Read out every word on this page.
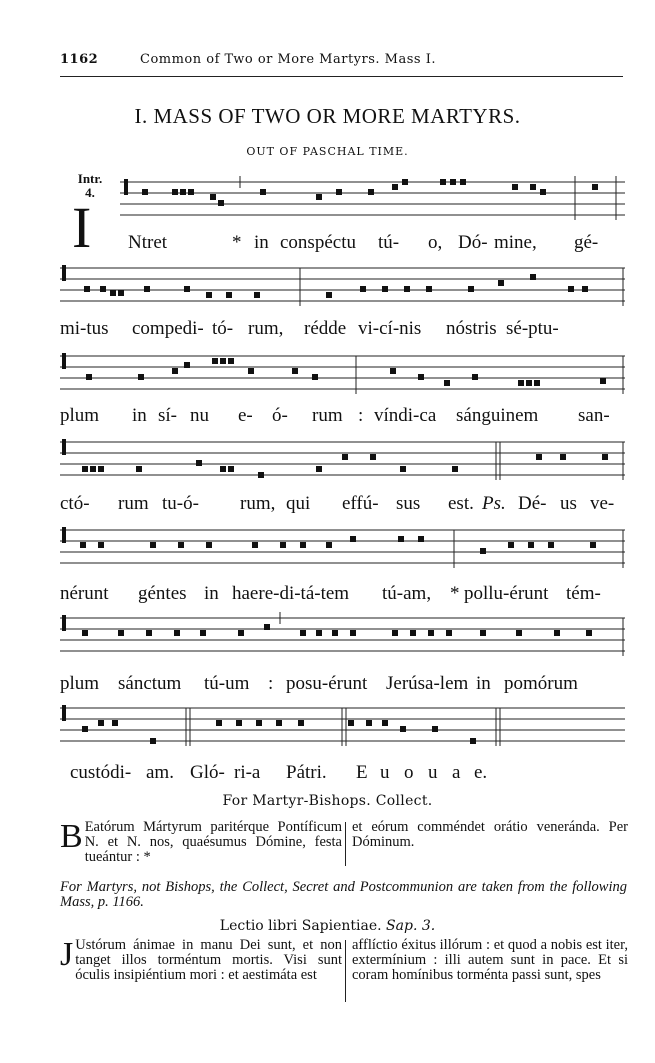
1162	Common of Two or More Martyrs. Mass I.
I. MASS OF TWO OR MORE MARTYRS.
OUT OF PASCHAL TIME.
Intr.
4.
I Ntret	* in conspéctu tú- o, Dó- mine, gé-
mi-tus compedi- tó- rum, rédde vi-cí-nis nóstris sé-ptu-
plum in sí- nu e- ó- rum : víndi-ca sánguinem san-
ctó- rum tu-ó- rum, qui effú- sus est. Ps. Dé- us ve-
nérunt géntes in haere-di-tá-tem tú-am, * pollu-érunt tém-
plum sánctum tú-um : posu-érunt Jerúsa-lem in pomórum
custódi- am. Gló- ri-a Pátri. E u o u a e.
For Martyr-Bishops. Collect.
B Eatórum Mártyrum paritérque Pontíficum N. et N. nos, quaésumus Dómine, festa tueántur : *
et eórum comméndet orátio veneránda. Per Dóminum.
For Martyrs, not Bishops, the Collect, Secret and Postcommunion are taken from the following Mass, p. 1166.
Lectio libri Sapientiae. Sap. 3.
J Ustórum ánimae in manu Dei sunt, et non tanget illos torméntum mortis. Visi sunt óculis insipiéntium mori : et aestimáta est
afflíctio éxitus illórum : et quod a nobis est iter, extermínium : illi autem sunt in pace. Et si coram homínibus torménta passi sunt, spes
